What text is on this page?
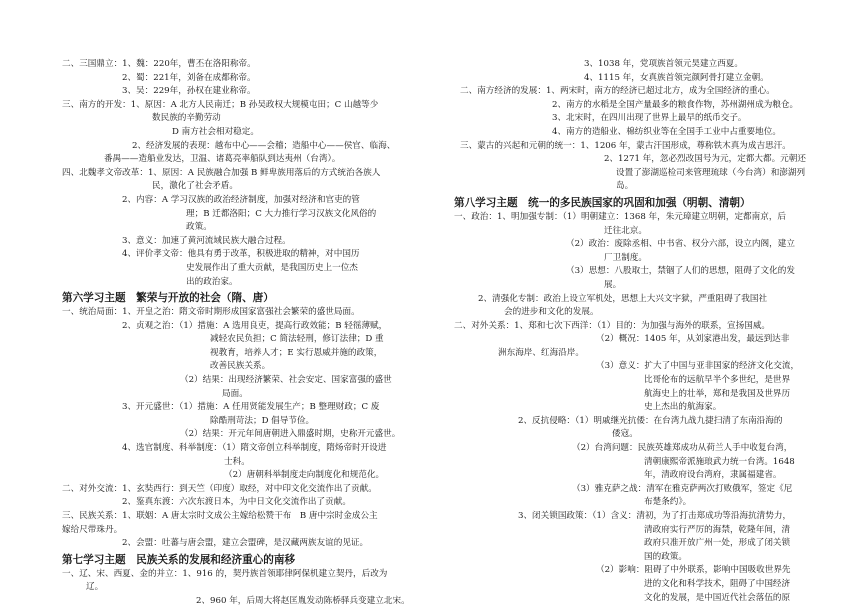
二、三国鼎立：1、魏：220年，曹丕在洛阳称帝。
2、蜀：221年，刘备在成都称帝。
3、吴：229年，孙权在建业称帝。
三、南方的开发：1、原因：A 北方人民南迁；B 孙吴政权大规模屯田；C 山越等少
数民族的辛勤劳动
D 南方社会相对稳定。
2、经济发展的表现：越布中心——会稽；造船中心——侯官、临海、
番禺——造船业发达，卫温、诸葛亮率船队到达夷州（台湾）。
四、北魏孝文帝改革：1、原因：A 民族融合加强 B 鲜卑族用落后的方式统治各族人
民，激化了社会矛盾。
2、内容：A 学习汉族的政治经济制度，加强对经济和官吏的管
理；B 迁都洛阳；C 大力推行学习汉族文化风俗的
政策。
3、意义：加速了黄河流域民族大融合过程。
4、评价孝文帝：他具有勇于改革，积极进取的精神，对中国历
史发展作出了重大贡献，是我国历史上一位杰
出的政治家。
第六学习主题　繁荣与开放的社会（隋、唐）
一、统治局面：1、开皇之治：隋文帝时期形成国家富强社会繁荣的盛世局面。
2、贞观之治：（1）措施：A 选用良吏，提高行政效能；B 轻徭薄赋，
减轻农民负担；C 简法轻刑，修订法律；D 重
视教育，培养人才；E 实行恩威并施的政策，
改善民族关系。
（2）结果：出现经济繁荣、社会安定、国家富强的盛世
局面。
3、开元盛世：（1）措施：A 任用贤能发展生产；B 整理财政；C 废
除酷刑苛法；D 倡导节俭。
（2）结果：开元年间唐朝进入鼎盛时期，史称开元盛世。
4、选官制度、科举制度：（1）隋文帝创立科举制度，隋炀帝时开设进
士科。
（2）唐朝科举制度走向制度化和规范化。
二、对外交流：1、玄奘西行：到天竺（印度）取经，对中印文化交流作出了贡献。
2、鉴真东渡：六次东渡日本，为中日文化交流作出了贡献。
三、民族关系：1、联姻：A 唐太宗时文成公主嫁给松赞干布　B 唐中宗时金成公主
嫁给尺带珠丹。
2、会盟：吐蕃与唐会盟，建立会盟碑，是汉藏两族友谊的见证。
第七学习主题　民族关系的发展和经济重心的南移
一、辽、宋、西夏、金的并立：1、916 的，契丹族首领耶律阿保机建立契丹，后改为
辽。
2、960 年，后周大将赵匡胤发动陈桥驿兵变建立北宋。
3、1038 年，党项族首领元昊建立西夏。
4、1115 年，女真族首领完颜阿骨打建立金朝。
二、南方经济的发展：1、两宋时，南方的经济已超过北方，成为全国经济的重心。
2、南方的水稻是全国产量最多的粮食作物，苏州湖州成为粮仓。
3、北宋时，在四川出现了世界上最早的纸币交子。
4、南方的造船业、棉纺织业等在全国手工业中占重要地位。
三、蒙古的兴起和元朝的统一：1、1206 年，蒙古汗国形成，尊称铁木真为成吉思汗。
2、1271 年，忽必烈改国号为元，定都大都。元朝还
设置了澎湖巡检司来管理琉球（今台湾）和澎湖列
岛。
第八学习主题　统一的多民族国家的巩固和加强（明朝、清朝）
一、政治：1、明加强专制：（1）明朝建立：1368 年，朱元璋建立明朝，定都南京，后
迁往北京。
（2）政治：废除丞相、中书省、权分六部，设立内阁，建立
厂卫制度。
（3）思想：八股取士，禁锢了人们的思想，阻碍了文化的发
展。
2、清强化专制：政治上设立军机处，思想上大兴文字狱，严重阻碍了我国社
会的进步和文化的发展。
二、对外关系：1、郑和七次下西洋：（1）目的：为加强与海外的联系，宣扬国威。
（2）概况：1405 年，从刘家港出发，最远到达非
洲东海岸、红海沿岸。
（3）意义：扩大了中国与亚非国家的经济文化交流，
比哥伦布的远航早半个多世纪，是世界
航海史上的壮举，郑和是我国及世界历
史上杰出的航海家。
2、反抗侵略：（1）明戚继光抗倭：在台湾九战九捷扫清了东南沿海的
倭寇。
（2）台湾问题：民族英雄郑成功从荷兰人手中收复台湾，
清朝康熙帝派施琅武力统一台湾。1648
年，清政府设台湾府，隶属福建省。
（3）雅克萨之战：清军在雅克萨两次打败俄军，签定《尼
布楚条约》。
3、闭关锁国政策：（1）含义：清初，为了打击郑成功等沿海抗清势力，
清政府实行严厉的海禁，乾隆年间，清
政府只准开放广州一处，形成了闭关锁
国的政策。
（2）影响：阻碍了中外联系，影响中国吸收世界先
进的文化和科学技术，阻碍了中国经济
文化的发展，是中国近代社会落伍的原
